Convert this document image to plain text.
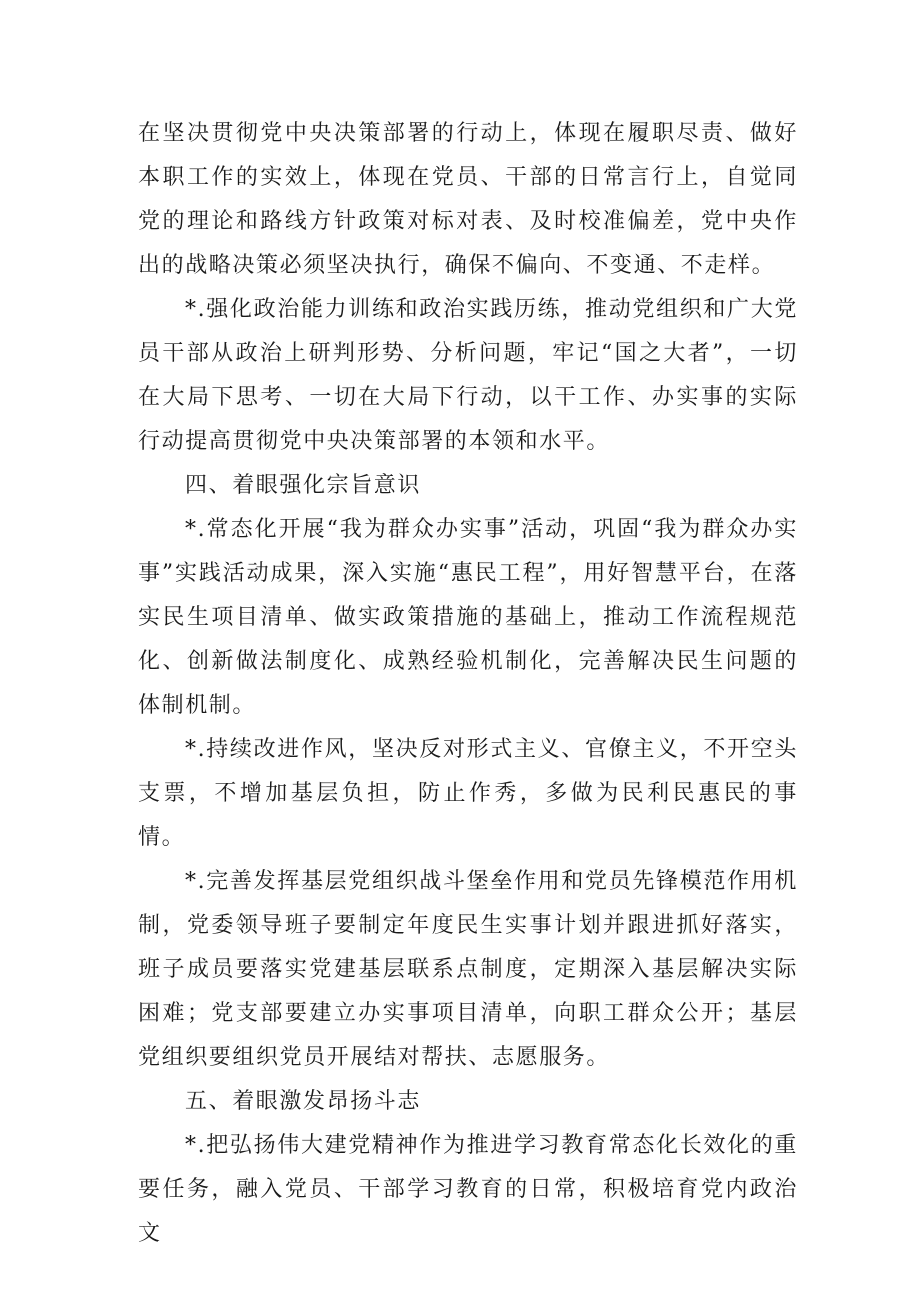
在坚决贯彻党中央决策部署的行动上，体现在履职尽责、做好本职工作的实效上，体现在党员、干部的日常言行上，自觉同党的理论和路线方针政策对标对表、及时校准偏差，党中央作出的战略决策必须坚决执行，确保不偏向、不变通、不走样。

*.强化政治能力训练和政治实践历练，推动党组织和广大党员干部从政治上研判形势、分析问题，牢记“国之大者”，一切在大局下思考、一切在大局下行动，以干工作、办实事的实际行动提高贯彻党中央决策部署的本领和水平。

四、着眼强化宗旨意识

*.常态化开展“我为群众办实事”活动，巩固“我为群众办实事”实践活动成果，深入实施“惠民工程”，用好智慧平台，在落实民生项目清单、做实政策措施的基础上，推动工作流程规范化、创新做法制度化、成熟经验机制化，完善解决民生问题的体制机制。

*.持续改进作风，坚决反对形式主义、官僚主义，不开空头支票，不增加基层负担，防止作秀，多做为民利民惠民的事情。

*.完善发挥基层党组织战斗堡垒作用和党员先锋模范作用机制，党委领导班子要制定年度民生实事计划并跟进抓好落实，班子成员要落实党建基层联系点制度，定期深入基层解决实际困难；党支部要建立办实事项目清单，向职工群众公开；基层党组织要组织党员开展结对帮扶、志愿服务。

五、着眼激发昂扬斗志

*.把弘扬伟大建党精神作为推进学习教育常态化长效化的重要任务，融入党员、干部学习教育的日常，积极培育党内政治文
